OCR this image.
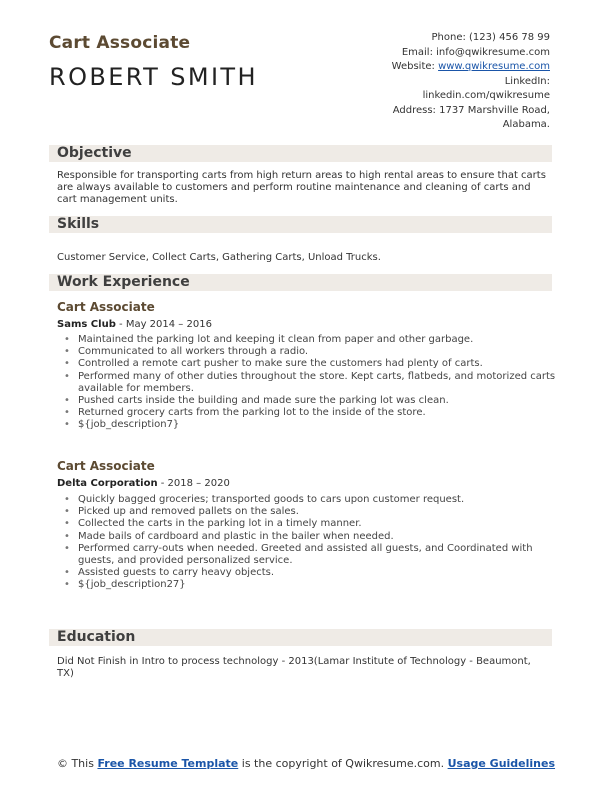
Cart Associate
ROBERT SMITH
Phone: (123) 456 78 99
Email: info@qwikresume.com
Website: www.qwikresume.com
LinkedIn:
linkedin.com/qwikresume
Address: 1737 Marshville Road,
Alabama.
Objective
Responsible for transporting carts from high return areas to high rental areas to ensure that carts are always available to customers and perform routine maintenance and cleaning of carts and cart management units.
Skills
Customer Service, Collect Carts, Gathering Carts, Unload Trucks.
Work Experience
Cart Associate
Sams Club - May 2014 – 2016
• Maintained the parking lot and keeping it clean from paper and other garbage.
• Communicated to all workers through a radio.
• Controlled a remote cart pusher to make sure the customers had plenty of carts.
• Performed many of other duties throughout the store. Kept carts, flatbeds, and motorized carts available for members.
• Pushed carts inside the building and made sure the parking lot was clean.
• Returned grocery carts from the parking lot to the inside of the store.
• ${job_description7}
Cart Associate
Delta Corporation - 2018 – 2020
• Quickly bagged groceries; transported goods to cars upon customer request.
• Picked up and removed pallets on the sales.
• Collected the carts in the parking lot in a timely manner.
• Made bails of cardboard and plastic in the bailer when needed.
• Performed carry-outs when needed. Greeted and assisted all guests, and Coordinated with guests, and provided personalized service.
• Assisted guests to carry heavy objects.
• ${job_description27}
Education
Did Not Finish in Intro to process technology - 2013(Lamar Institute of Technology - Beaumont, TX)
© This Free Resume Template is the copyright of Qwikresume.com. Usage Guidelines
